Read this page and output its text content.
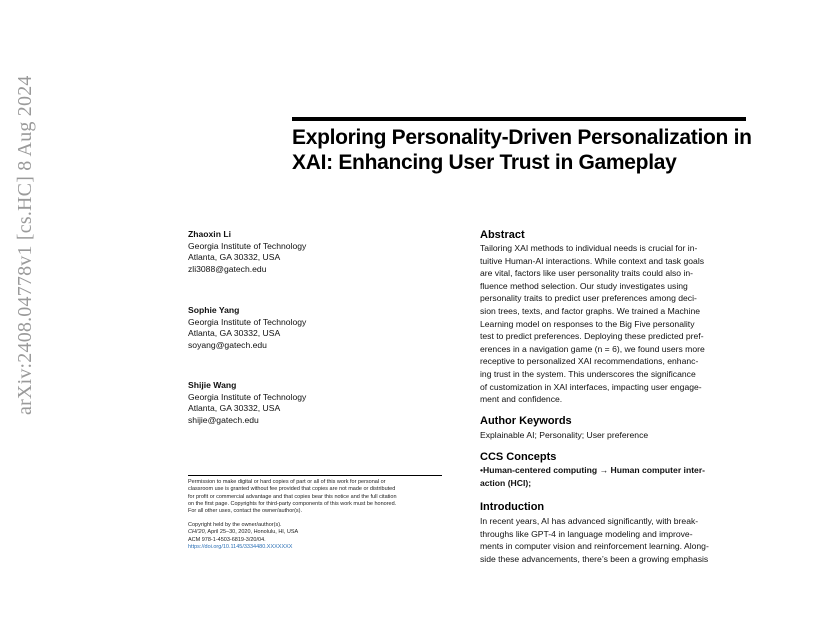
arXiv:2408.04778v1 [cs.HC] 8 Aug 2024	Exploring Personality-Driven Personalization in
XAI: Enhancing User Trust in Gameplay
Zhaoxin Li
Georgia Institute of Technology
Atlanta, GA 30332, USA
zli3088@gatech.edu
Sophie Yang
Georgia Institute of Technology
Atlanta, GA 30332, USA
soyang@gatech.edu
Shijie Wang
Georgia Institute of Technology
Atlanta, GA 30332, USA
shijie@gatech.edu
Permission to make digital or hard copies of part or all of this work for personal or
classroom use is granted without fee provided that copies are not made or distributed
for profit or commercial advantage and that copies bear this notice and the full citation
on the first page. Copyrights for third-party components of this work must be honored.
For all other uses, contact the owner/author(s).
Copyright held by the owner/author(s).
CHI'20, April 25–30, 2020, Honolulu, HI, USA
ACM 978-1-4503-6819-3/20/04.
https://doi.org/10.1145/3334480.XXXXXXX
Abstract
Tailoring XAI methods to individual needs is crucial for in-
tuitive Human-AI interactions. While context and task goals
are vital, factors like user personality traits could also in-
fluence method selection. Our study investigates using
personality traits to predict user preferences among deci-
sion trees, texts, and factor graphs. We trained a Machine
Learning model on responses to the Big Five personality
test to predict preferences. Deploying these predicted pref-
erences in a navigation game (n = 6), we found users more
receptive to personalized XAI recommendations, enhanc-
ing trust in the system. This underscores the significance
of customization in XAI interfaces, impacting user engage-
ment and confidence.
Author Keywords
Explainable AI; Personality; User preference
CCS Concepts
•Human-centered computing → Human computer inter-
action (HCI);
Introduction
In recent years, AI has advanced significantly, with break-
throughs like GPT-4 in language modeling and improve-
ments in computer vision and reinforcement learning. Along-
side these advancements, there’s been a growing emphasis
